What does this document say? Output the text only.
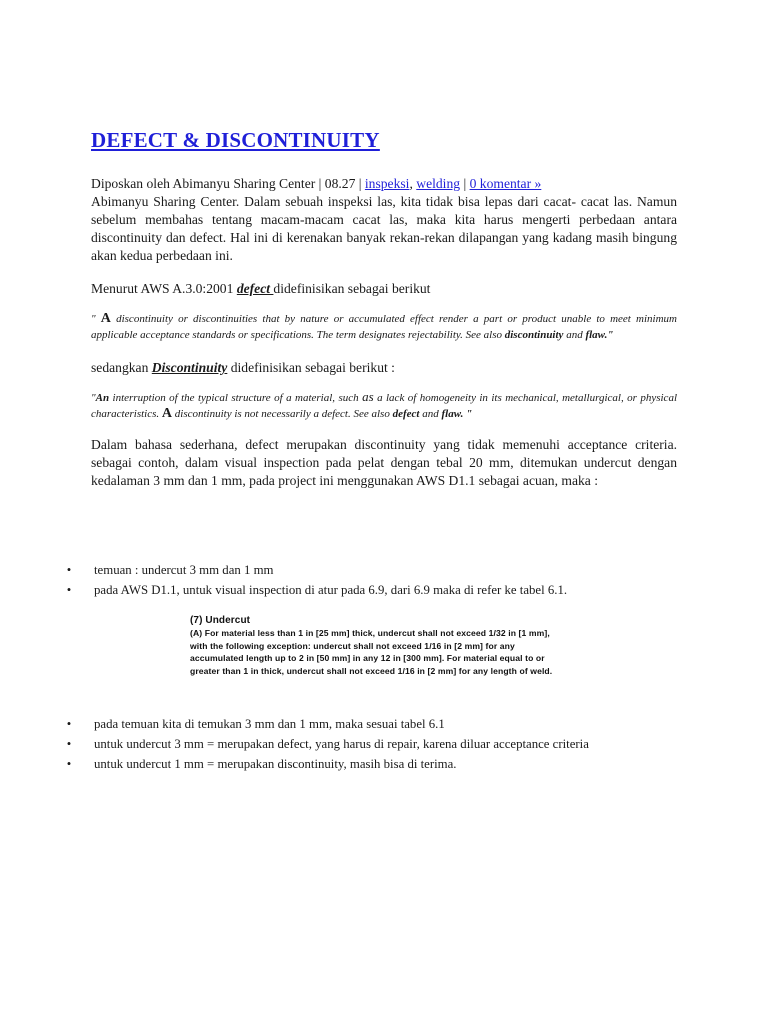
DEFECT & DISCONTINUITY
Diposkan oleh Abimanyu Sharing Center | 08.27 | inspeksi, welding | 0 komentar »

Abimanyu Sharing Center. Dalam sebuah inspeksi las, kita tidak bisa lepas dari cacat- cacat las. Namun sebelum membahas tentang macam-macam cacat las, maka kita harus mengerti perbedaan antara discontinuity dan defect. Hal ini di kerenakan banyak rekan-rekan dilapangan yang kadang masih bingung akan kedua perbedaan ini.

Menurut AWS A.3.0:2001 defect didefinisikan sebagai berikut

" A discontinuity or discontinuities that by nature or accumulated effect render a part or product unable to meet minimum applicable acceptance standards or specifications. The term designates rejectability. See also discontinuity and flaw."

sedangkan Discontinuity didefinisikan sebagai berikut :

"An interruption of the typical structure of a material, such as a lack of homogeneity in its mechanical, metallurgical, or physical characteristics. A discontinuity is not necessarily a defect. See also defect and flaw. "

Dalam bahasa sederhana, defect merupakan discontinuity yang tidak memenuhi acceptance criteria. sebagai contoh, dalam visual inspection pada pelat dengan tebal 20 mm, ditemukan undercut dengan kedalaman 3 mm dan 1 mm, pada project ini menggunakan AWS D1.1 sebagai acuan, maka :

• temuan : undercut 3 mm dan 1 mm
• pada AWS D1.1, untuk visual inspection di atur pada 6.9, dari 6.9 maka di refer ke tabel 6.1.
(7) Undercut
(A) For material less than 1 in [25 mm] thick, undercut shall not exceed 1/32 in [1 mm],
with the following exception: undercut shall not exceed 1/16 in [2 mm] for any
accumulated length up to 2 in [50 mm] in any 12 in [300 mm]. For material equal to or
greater than 1 in thick, undercut shall not exceed 1/16 in [2 mm] for any length of weld.
• pada temuan kita di temukan 3 mm dan 1 mm, maka sesuai tabel 6.1
• untuk undercut 3 mm = merupakan defect, yang harus di repair, karena diluar acceptance criteria
• untuk undercut 1 mm = merupakan discontinuity, masih bisa di terima.
